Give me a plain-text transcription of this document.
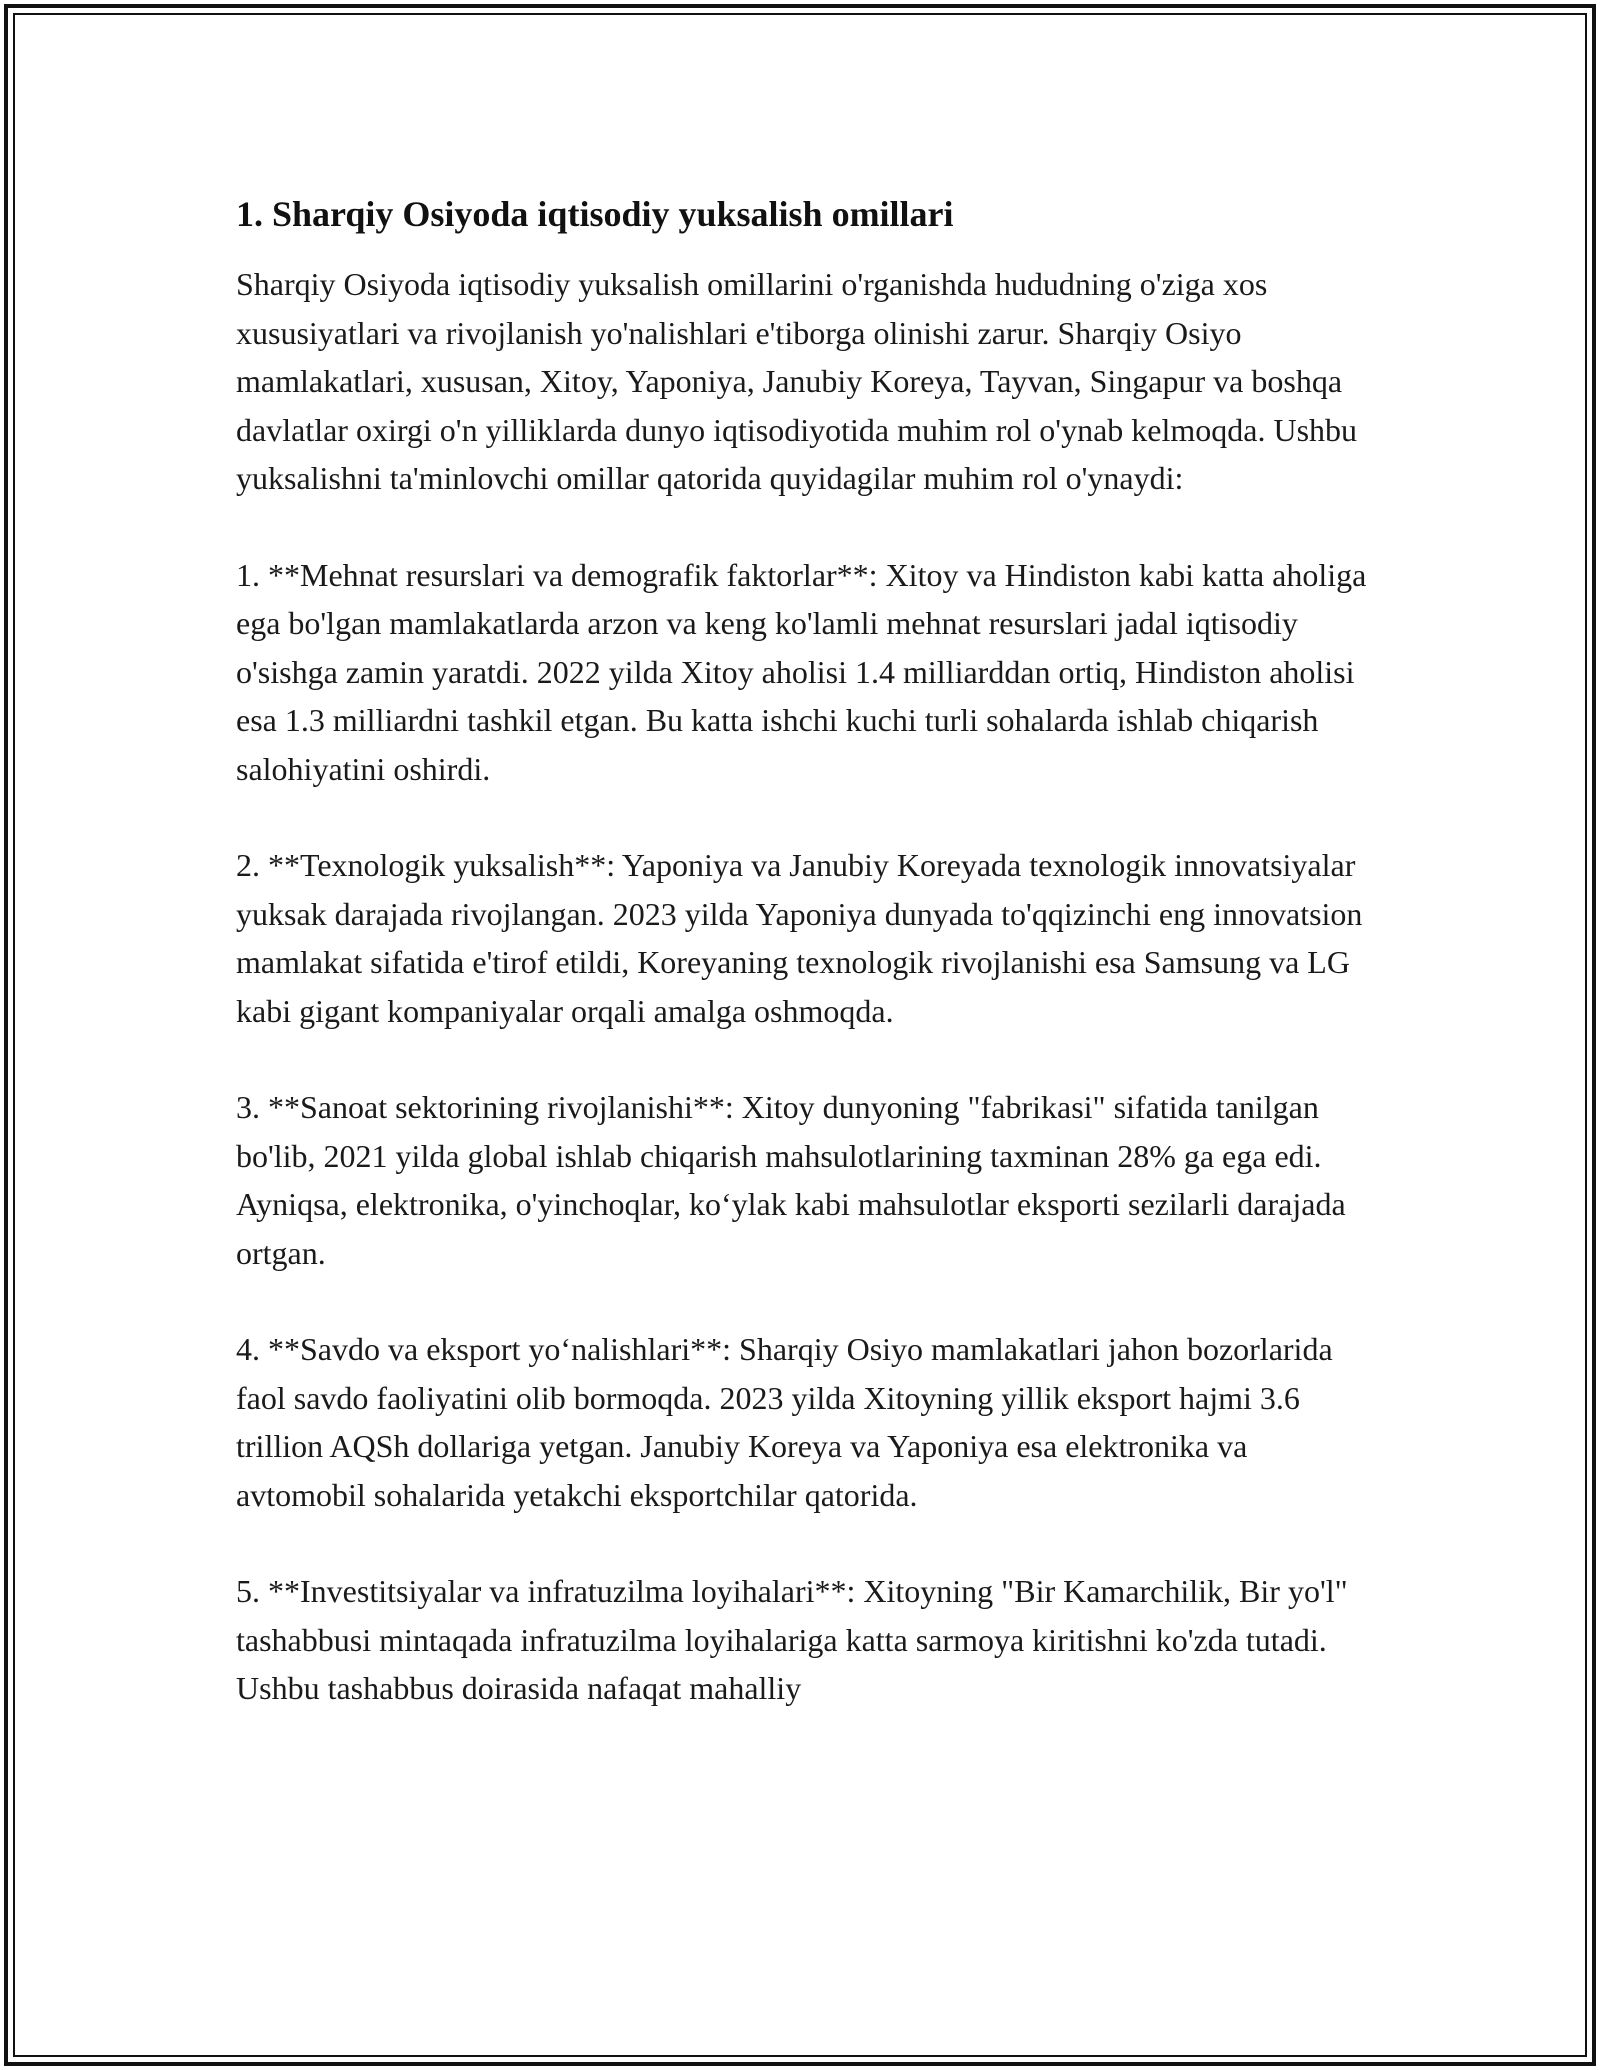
1. Sharqiy Osiyoda iqtisodiy yuksalish omillari

Sharqiy Osiyoda iqtisodiy yuksalish omillarini o'rganishda hududning o'ziga xos xususiyatlari va rivojlanish yo'nalishlari e'tiborga olinishi zarur. Sharqiy Osiyo mamlakatlari, xususan, Xitoy, Yaponiya, Janubiy Koreya, Tayvan, Singapur va boshqa davlatlar oxirgi o'n yilliklarda dunyo iqtisodiyotida muhim rol o'ynab kelmoqda. Ushbu yuksalishni ta'minlovchi omillar qatorida quyidagilar muhim rol o'ynaydi:

1. **Mehnat resurslari va demografik faktorlar**: Xitoy va Hindiston kabi katta aholiga ega bo'lgan mamlakatlarda arzon va keng ko'lamli mehnat resurslari jadal iqtisodiy o'sishga zamin yaratdi. 2022 yilda Xitoy aholisi 1.4 milliarddan ortiq, Hindiston aholisi esa 1.3 milliardni tashkil etgan. Bu katta ishchi kuchi turli sohalarda ishlab chiqarish salohiyatini oshirdi.

2. **Texnologik yuksalish**: Yaponiya va Janubiy Koreyada texnologik innovatsiyalar yuksak darajada rivojlangan. 2023 yilda Yaponiya dunyada to'qqizinchi eng innovatsion mamlakat sifatida e'tirof etildi, Koreyaning texnologik rivojlanishi esa Samsung va LG kabi gigant kompaniyalar orqali amalga oshmoqda.

3. **Sanoat sektorining rivojlanishi**: Xitoy dunyoning "fabrikasi" sifatida tanilgan bo'lib, 2021 yilda global ishlab chiqarish mahsulotlarining taxminan 28% ga ega edi. Ayniqsa, elektronika, o'yinchoqlar, ko‘ylak kabi mahsulotlar eksporti sezilarli darajada ortgan.

4. **Savdo va eksport yo‘nalishlari**: Sharqiy Osiyo mamlakatlari jahon bozorlarida faol savdo faoliyatini olib bormoqda. 2023 yilda Xitoyning yillik eksport hajmi 3.6 trillion AQSh dollariga yetgan. Janubiy Koreya va Yaponiya esa elektronika va avtomobil sohalarida yetakchi eksportchilar qatorida.

5. **Investitsiyalar va infratuzilma loyihalari**: Xitoyning "Bir Kamarchilik, Bir yo'l" tashabbusi mintaqada infratuzilma loyihalariga katta sarmoya kiritishni ko'zda tutadi. Ushbu tashabbus doirasida nafaqat mahalliy
